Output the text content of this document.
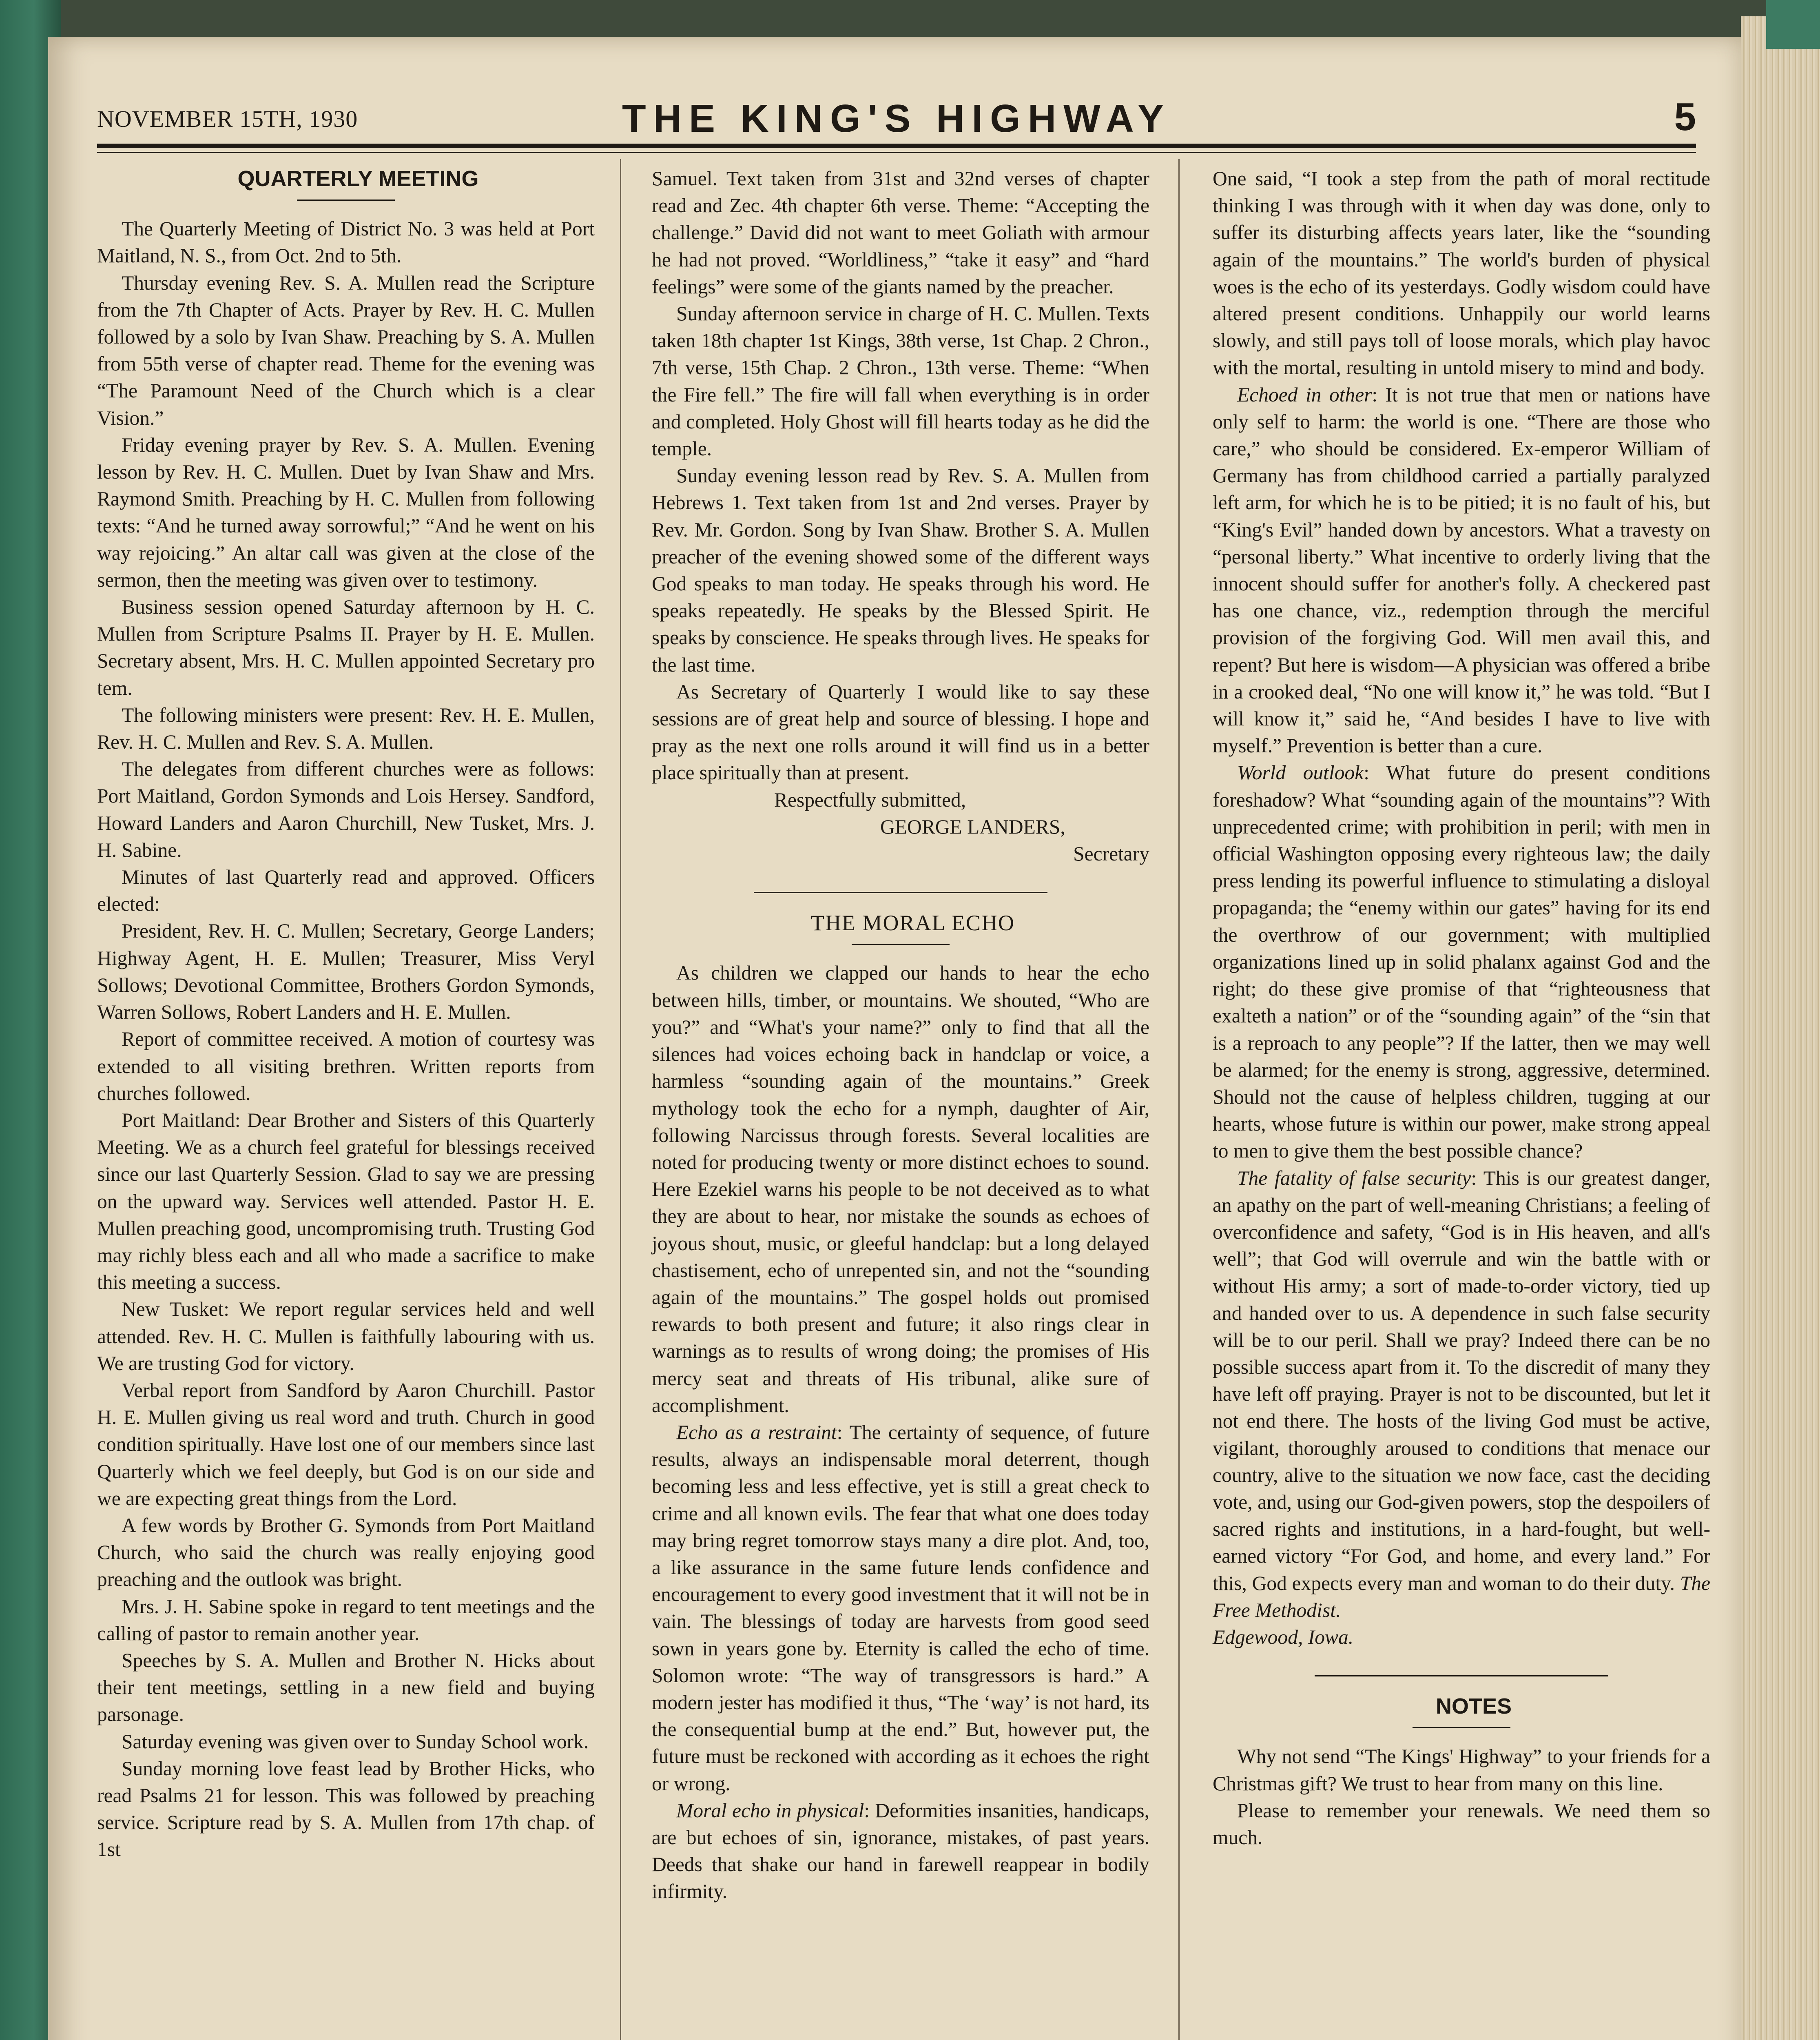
NOVEMBER 15TH, 1930	THE KING'S HIGHWAY	5

QUARTERLY MEETING

The Quarterly Meeting of District No. 3 was held at Port Maitland, N. S., from Oct. 2nd to 5th.

Thursday evening Rev. S. A. Mullen read the Scripture from the 7th Chapter of Acts. Prayer by Rev. H. C. Mullen followed by a solo by Ivan Shaw. Preaching by S. A. Mullen from 55th verse of chapter read. Theme for the evening was “The Paramount Need of the Church which is a clear Vision.”

Friday evening prayer by Rev. S. A. Mullen. Evening lesson by Rev. H. C. Mullen. Duet by Ivan Shaw and Mrs. Raymond Smith. Preaching by H. C. Mullen from following texts: “And he turned away sorrowful;” “And he went on his way rejoicing.” An altar call was given at the close of the sermon, then the meeting was given over to testimony.

Business session opened Saturday afternoon by H. C. Mullen from Scripture Psalms II. Prayer by H. E. Mullen. Secretary absent, Mrs. H. C. Mullen appointed Secretary pro tem.

The following ministers were present: Rev. H. E. Mullen, Rev. H. C. Mullen and Rev. S. A. Mullen.

The delegates from different churches were as follows: Port Maitland, Gordon Symonds and Lois Hersey. Sandford, Howard Landers and Aaron Churchill, New Tusket, Mrs. J. H. Sabine.

Minutes of last Quarterly read and approved. Officers elected:

President, Rev. H. C. Mullen; Secretary, George Landers; Highway Agent, H. E. Mullen; Treasurer, Miss Veryl Sollows; Devotional Committee, Brothers Gordon Symonds, Warren Sollows, Robert Landers and H. E. Mullen.

Report of committee received. A motion of courtesy was extended to all visiting brethren. Written reports from churches followed.

Port Maitland: Dear Brother and Sisters of this Quarterly Meeting. We as a church feel grateful for blessings received since our last Quarterly Session. Glad to say we are pressing on the upward way. Services well attended. Pastor H. E. Mullen preaching good, uncompromising truth. Trusting God may richly bless each and all who made a sacrifice to make this meeting a success.

New Tusket: We report regular services held and well attended. Rev. H. C. Mullen is faithfully labouring with us. We are trusting God for victory.

Verbal report from Sandford by Aaron Churchill. Pastor H. E. Mullen giving us real word and truth. Church in good condition spiritually. Have lost one of our members since last Quarterly which we feel deeply, but God is on our side and we are expecting great things from the Lord.

A few words by Brother G. Symonds from Port Maitland Church, who said the church was really enjoying good preaching and the outlook was bright.

Mrs. J. H. Sabine spoke in regard to tent meetings and the calling of pastor to remain another year.

Speeches by S. A. Mullen and Brother N. Hicks about their tent meetings, settling in a new field and buying parsonage.

Saturday evening was given over to Sunday School work.

Sunday morning love feast lead by Brother Hicks, who read Psalms 21 for lesson. This was followed by preaching service. Scripture read by S. A. Mullen from 17th chap. of 1st

Samuel. Text taken from 31st and 32nd verses of chapter read and Zec. 4th chapter 6th verse. Theme: “Accepting the challenge.” David did not want to meet Goliath with armour he had not proved. “Worldliness,” “take it easy” and “hard feelings” were some of the giants named by the preacher.

Sunday afternoon service in charge of H. C. Mullen. Texts taken 18th chapter 1st Kings, 38th verse, 1st Chap. 2 Chron., 7th verse, 15th Chap. 2 Chron., 13th verse. Theme: “When the Fire fell.” The fire will fall when everything is in order and completed. Holy Ghost will fill hearts today as he did the temple.

Sunday evening lesson read by Rev. S. A. Mullen from Hebrews 1. Text taken from 1st and 2nd verses. Prayer by Rev. Mr. Gordon. Song by Ivan Shaw. Brother S. A. Mullen preacher of the evening showed some of the different ways God speaks to man today. He speaks through his word. He speaks repeatedly. He speaks by the Blessed Spirit. He speaks by conscience. He speaks through lives. He speaks for the last time.

As Secretary of Quarterly I would like to say these sessions are of great help and source of blessing. I hope and pray as the next one rolls around it will find us in a better place spiritually than at present.

Respectfully submitted,

GEORGE LANDERS,

Secretary

THE MORAL ECHO

As children we clapped our hands to hear the echo between hills, timber, or mountains. We shouted, “Who are you?” and “What's your name?” only to find that all the silences had voices echoing back in handclap or voice, a harmless “sounding again of the mountains.” Greek mythology took the echo for a nymph, daughter of Air, following Narcissus through forests. Several localities are noted for producing twenty or more distinct echoes to sound. Here Ezekiel warns his people to be not deceived as to what they are about to hear, nor mistake the sounds as echoes of joyous shout, music, or gleeful handclap: but a long delayed chastisement, echo of unrepented sin, and not the “sounding again of the mountains.” The gospel holds out promised rewards to both present and future; it also rings clear in warnings as to results of wrong doing; the promises of His mercy seat and threats of His tribunal, alike sure of accomplishment.

Echo as a restraint: The certainty of sequence, of future results, always an indispensable moral deterrent, though becoming less and less effective, yet is still a great check to crime and all known evils. The fear that what one does today may bring regret tomorrow stays many a dire plot. And, too, a like assurance in the same future lends confidence and encouragement to every good investment that it will not be in vain. The blessings of today are harvests from good seed sown in years gone by. Eternity is called the echo of time. Solomon wrote: “The way of transgressors is hard.” A modern jester has modified it thus, “The ‘way’ is not hard, its the consequential bump at the end.” But, however put, the future must be reckoned with according as it echoes the right or wrong.

Moral echo in physical: Deformities insanities, handicaps, are but echoes of sin, ignorance, mistakes, of past years. Deeds that shake our hand in farewell reappear in bodily infirmity.

One said, “I took a step from the path of moral rectitude thinking I was through with it when day was done, only to suffer its disturbing affects years later, like the “sounding again of the mountains.” The world's burden of physical woes is the echo of its yesterdays. Godly wisdom could have altered present conditions. Unhappily our world learns slowly, and still pays toll of loose morals, which play havoc with the mortal, resulting in untold misery to mind and body.

Echoed in other: It is not true that men or nations have only self to harm: the world is one. “There are those who care,” who should be considered. Ex-emperor William of Germany has from childhood carried a partially paralyzed left arm, for which he is to be pitied; it is no fault of his, but “King's Evil” handed down by ancestors. What a travesty on “personal liberty.” What incentive to orderly living that the innocent should suffer for another's folly. A checkered past has one chance, viz., redemption through the merciful provision of the forgiving God. Will men avail this, and repent? But here is wisdom—A physician was offered a bribe in a crooked deal, “No one will know it,” he was told. “But I will know it,” said he, “And besides I have to live with myself.” Prevention is better than a cure.

World outlook: What future do present conditions foreshadow? What “sounding again of the mountains”? With unprecedented crime; with prohibition in peril; with men in official Washington opposing every righteous law; the daily press lending its powerful influence to stimulating a disloyal propaganda; the “enemy within our gates” having for its end the overthrow of our government; with multiplied organizations lined up in solid phalanx against God and the right; do these give promise of that “righteousness that exalteth a nation” or of the “sounding again” of the “sin that is a reproach to any people”? If the latter, then we may well be alarmed; for the enemy is strong, aggressive, determined. Should not the cause of helpless children, tugging at our hearts, whose future is within our power, make strong appeal to men to give them the best possible chance?

The fatality of false security: This is our greatest danger, an apathy on the part of well-meaning Christians; a feeling of overconfidence and safety, “God is in His heaven, and all's well”; that God will overrule and win the battle with or without His army; a sort of made-to-order victory, tied up and handed over to us. A dependence in such false security will be to our peril. Shall we pray? Indeed there can be no possible success apart from it. To the discredit of many they have left off praying. Prayer is not to be discounted, but let it not end there. The hosts of the living God must be active, vigilant, thoroughly aroused to conditions that menace our country, alive to the situation we now face, cast the deciding vote, and, using our God-given powers, stop the despoilers of sacred rights and institutions, in a hard-fought, but well-earned victory “For God, and home, and every land.” For this, God expects every man and woman to do their duty. The Free Methodist.

Edgewood, Iowa.

NOTES

Why not send “The Kings' Highway” to your friends for a Christmas gift? We trust to hear from many on this line.

Please to remember your renewals. We need them so much.
